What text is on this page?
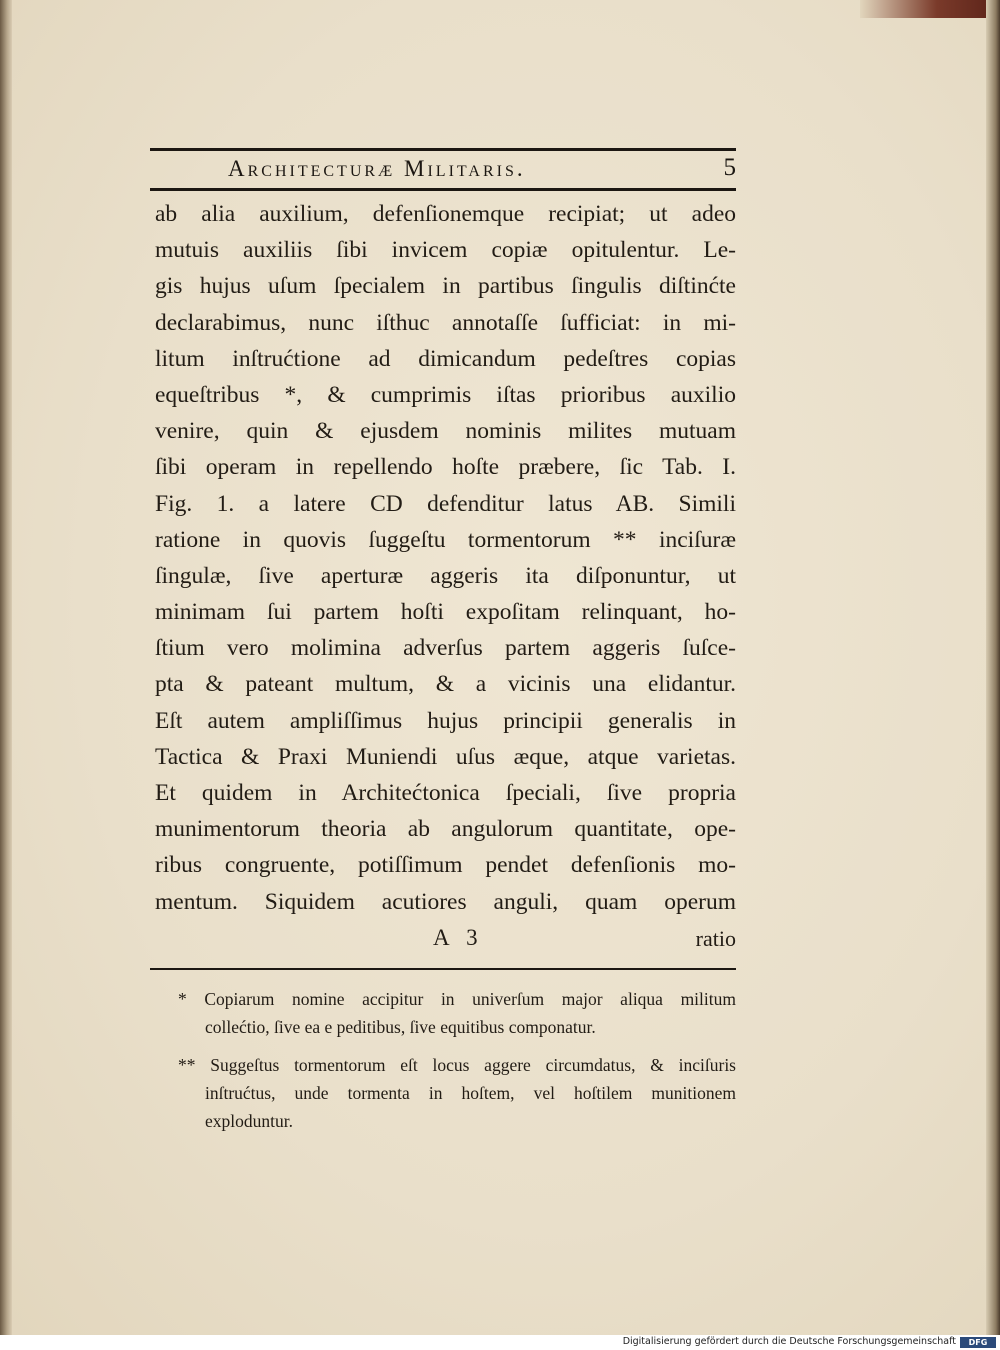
Architecturæ Militaris.	5
ab alia auxilium, defenſionemque recipiat; ut adeo
mutuis auxiliis ſibi invicem copiæ opitulentur. Le-
gis hujus uſum ſpecialem in partibus ſingulis diſtinćte
declarabimus, nunc iſthuc annotaſſe ſufficiat: in mi-
litum inſtrućtione ad dimicandum pedeſtres copias
equeſtribus *, & cumprimis iſtas prioribus auxilio
venire, quin & ejusdem nominis milites mutuam
ſibi operam in repellendo hoſte præbere, ſic Tab. I.
Fig. 1. a latere CD defenditur latus AB. Simili
ratione in quovis ſuggeſtu tormentorum ** inciſuræ
ſingulæ, ſive aperturæ aggeris ita diſponuntur, ut
minimam ſui partem hoſti expoſitam relinquant, ho-
ſtium vero molimina adverſus partem aggeris ſuſce-
pta & pateant multum, & a vicinis una elidantur.
Eſt autem ampliſſimus hujus principii generalis in
Tactica & Praxi Muniendi uſus æque, atque varietas.
Et quidem in Architećtonica ſpeciali, ſive propria
munimentorum theoria ab angulorum quantitate, ope-
ribus congruente, potiſſimum pendet defenſionis mo-
mentum. Siquidem acutiores anguli, quam operum
A 3	ratio
* Copiarum nomine accipitur in univerſum major aliqua militum
collećtio, ſive ea e peditibus, ſive equitibus componatur.
** Suggeſtus tormentorum eſt locus aggere circumdatus, & inciſuris
inſtrućtus, unde tormenta in hoſtem, vel hoſtilem munitionem
exploduntur.
Digitalisierung gefördert durch die Deutsche Forschungsgemeinschaft	DFG
